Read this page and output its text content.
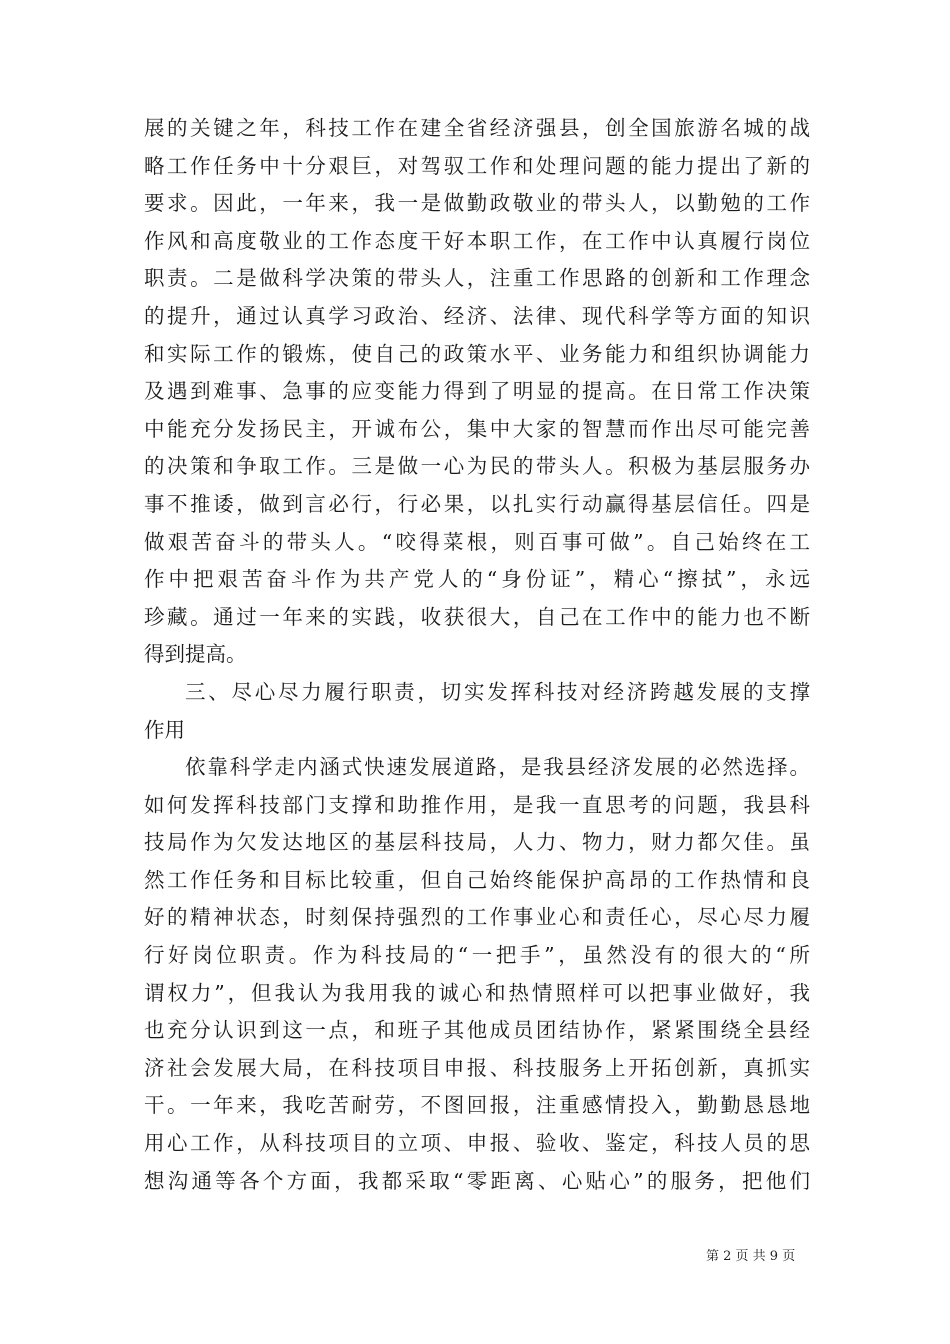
展的关键之年，科技工作在建全省经济强县，创全国旅游名城的战
略工作任务中十分艰巨，对驾驭工作和处理问题的能力提出了新的
要求。因此，一年来，我一是做勤政敬业的带头人，以勤勉的工作
作风和高度敬业的工作态度干好本职工作，在工作中认真履行岗位
职责。二是做科学决策的带头人，注重工作思路的创新和工作理念
的提升，通过认真学习政治、经济、法律、现代科学等方面的知识
和实际工作的锻炼，使自己的政策水平、业务能力和组织协调能力
及遇到难事、急事的应变能力得到了明显的提高。在日常工作决策
中能充分发扬民主，开诚布公，集中大家的智慧而作出尽可能完善
的决策和争取工作。三是做一心为民的带头人。积极为基层服务办
事不推诿，做到言必行，行必果，以扎实行动赢得基层信任。四是
做艰苦奋斗的带头人。“咬得菜根，则百事可做”。自己始终在工
作中把艰苦奋斗作为共产党人的“身份证”，精心“擦拭”，永远
珍藏。通过一年来的实践，收获很大，自己在工作中的能力也不断
得到提高。
三、尽心尽力履行职责，切实发挥科技对经济跨越发展的支撑
作用
依靠科学走内涵式快速发展道路，是我县经济发展的必然选择。
如何发挥科技部门支撑和助推作用，是我一直思考的问题，我县科
技局作为欠发达地区的基层科技局，人力、物力，财力都欠佳。虽
然工作任务和目标比较重，但自己始终能保护高昂的工作热情和良
好的精神状态，时刻保持强烈的工作事业心和责任心，尽心尽力履
行好岗位职责。作为科技局的“一把手”，虽然没有的很大的“所
谓权力”，但我认为我用我的诚心和热情照样可以把事业做好，我
也充分认识到这一点，和班子其他成员团结协作，紧紧围绕全县经
济社会发展大局，在科技项目申报、科技服务上开拓创新，真抓实
干。一年来，我吃苦耐劳，不图回报，注重感情投入，勤勤恳恳地
用心工作，从科技项目的立项、申报、验收、鉴定，科技人员的思
想沟通等各个方面，我都采取“零距离、心贴心”的服务，把他们
第 2 页 共 9 页
